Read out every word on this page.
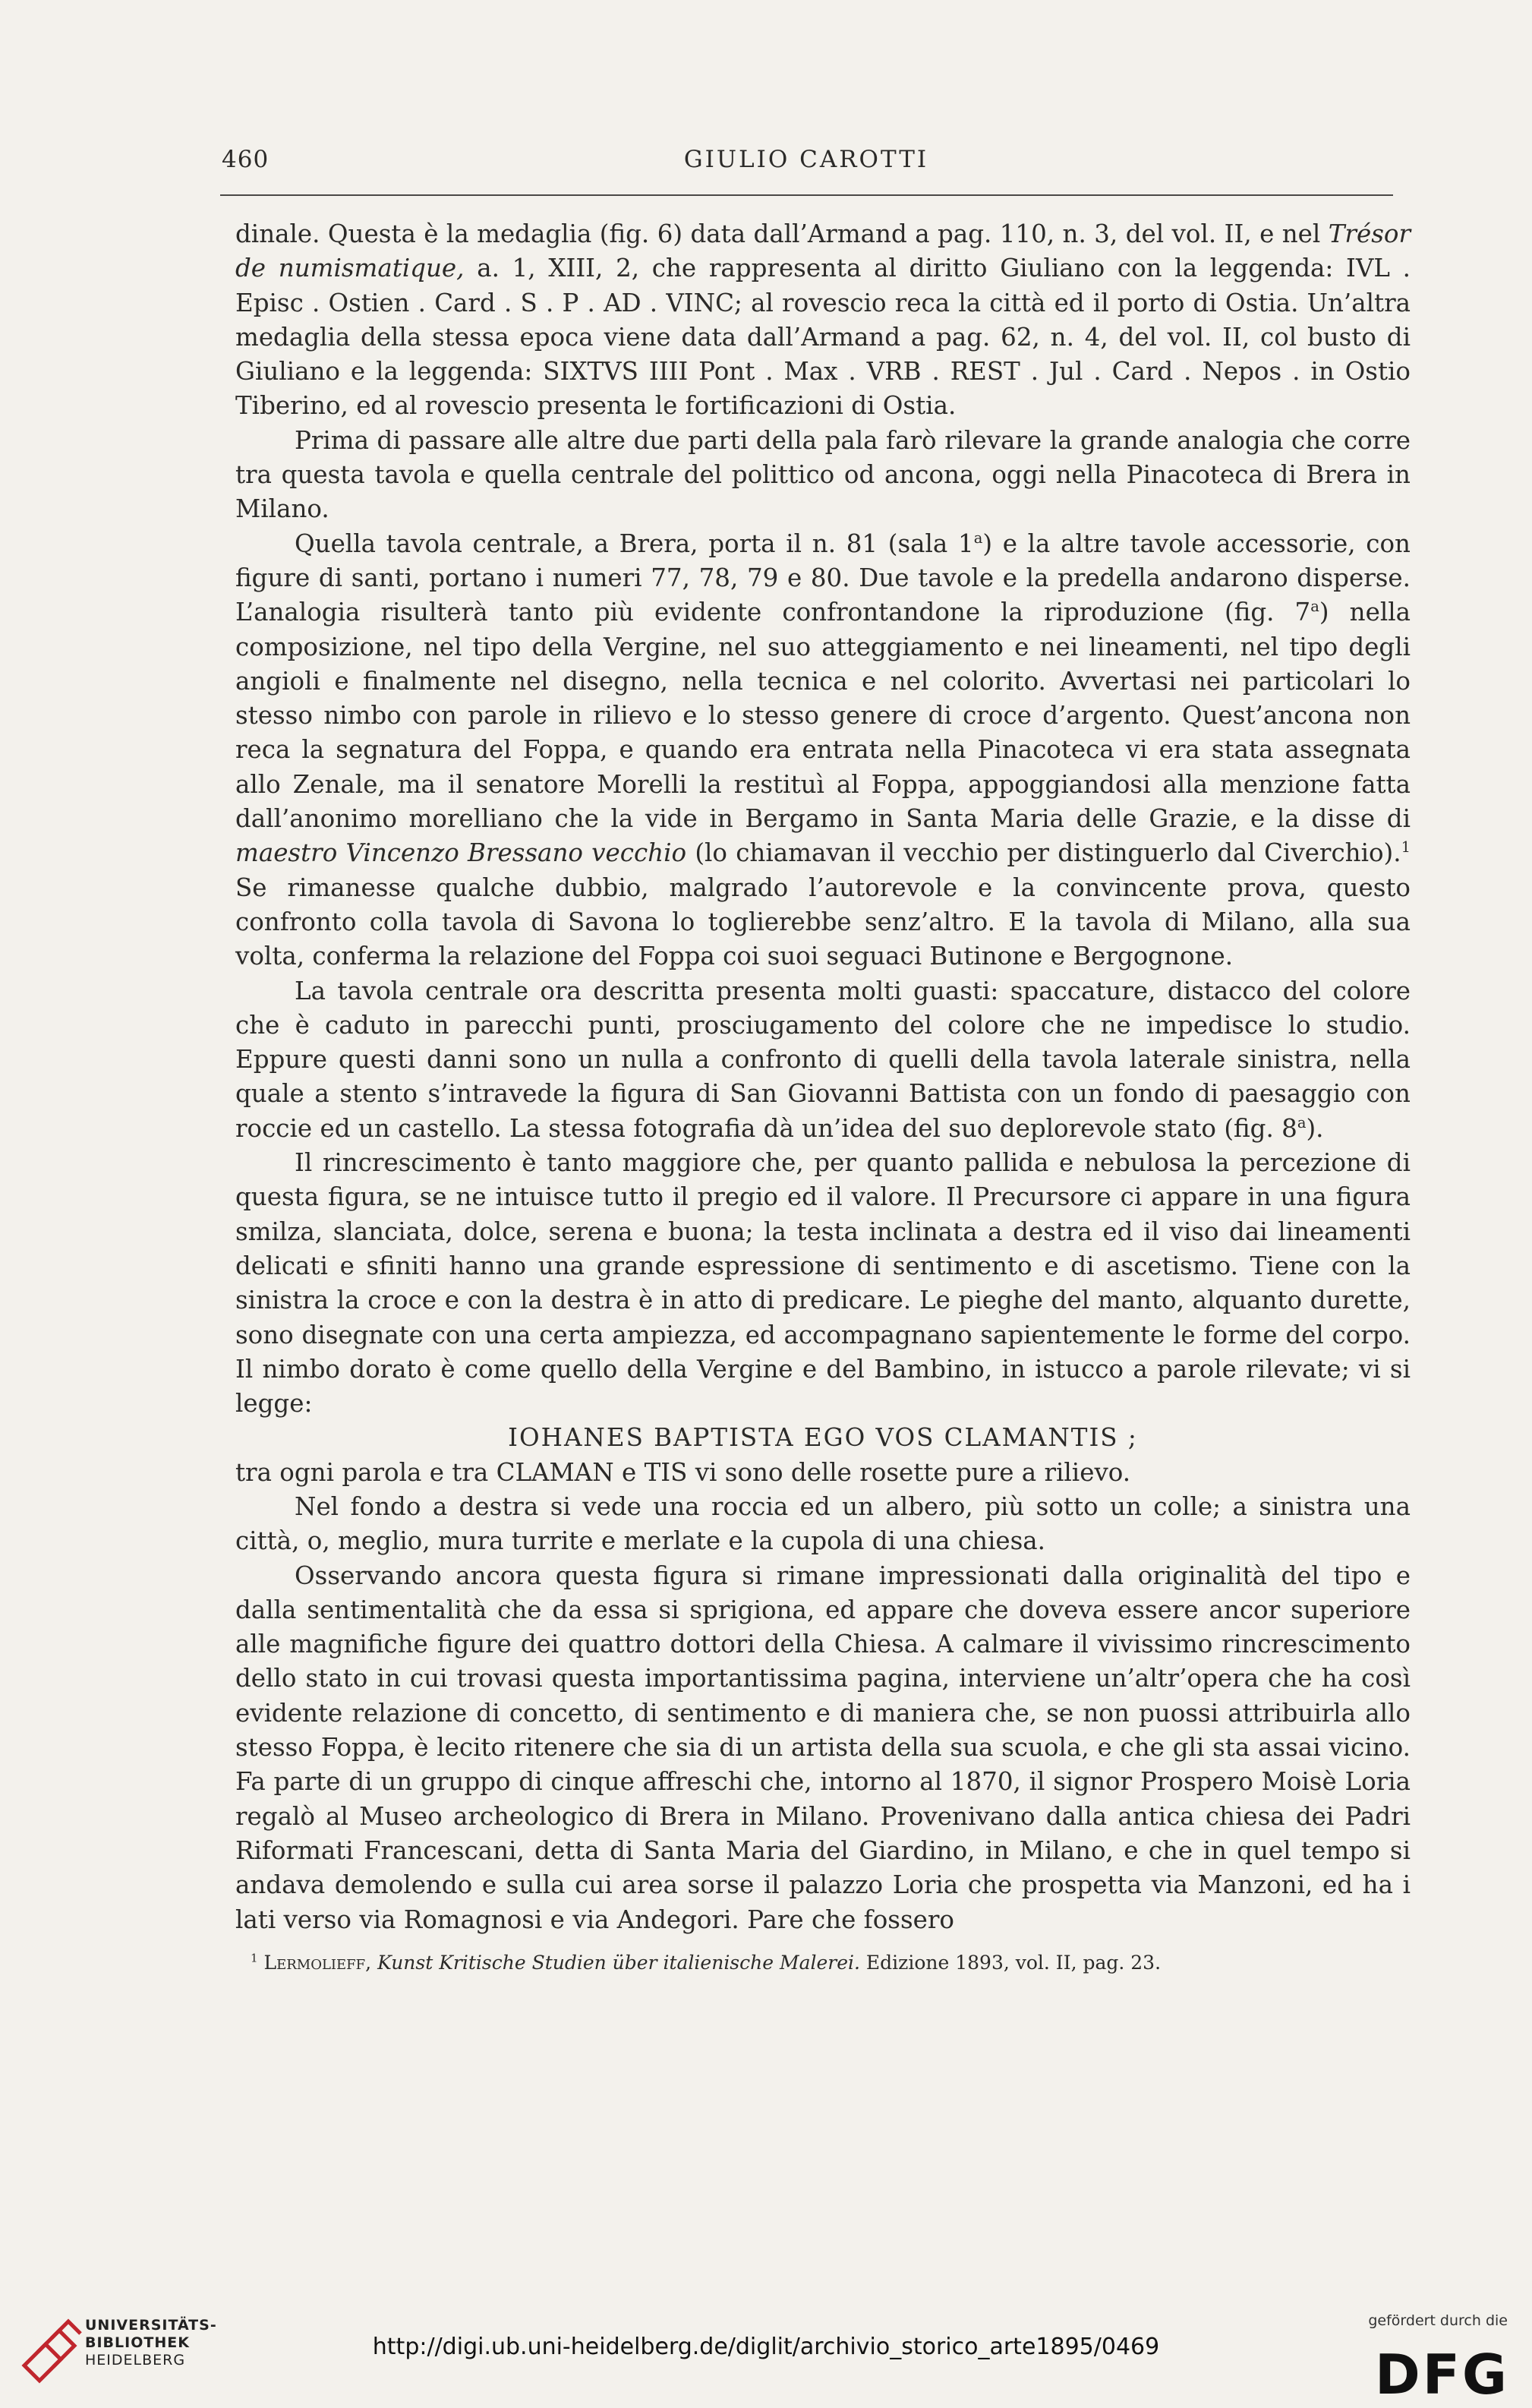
460	GIULIO CAROTTI

dinale. Questa è la medaglia (fig. 6) data dall’Armand a pag. 110, n. 3, del vol. II, e nel Trésor de numismatique, a. 1, XIII, 2, che rappresenta al diritto Giuliano con la leggenda: IVL . Episc . Ostien . Card . S . P . AD . VINC; al rovescio reca la città ed il porto di Ostia. Un’altra medaglia della stessa epoca viene data dall’Armand a pag. 62, n. 4, del vol. II, col busto di Giuliano e la leggenda: SIXTVS IIII Pont . Max . VRB . REST . Jul . Card . Nepos . in Ostio Tiberino, ed al rovescio presenta le fortificazioni di Ostia.

Prima di passare alle altre due parti della pala farò rilevare la grande analogia che corre tra questa tavola e quella centrale del polittico od ancona, oggi nella Pinacoteca di Brera in Milano.

Quella tavola centrale, a Brera, porta il n. 81 (sala 1$^a$) e la altre tavole accessorie, con figure di santi, portano i numeri 77, 78, 79 e 80. Due tavole e la predella andarono disperse. L’analogia risulterà tanto più evidente confrontandone la riproduzione (fig. 7$^a$) nella composizione, nel tipo della Vergine, nel suo atteggiamento e nei lineamenti, nel tipo degli angioli e finalmente nel disegno, nella tecnica e nel colorito. Avvertasi nei particolari lo stesso nimbo con parole in rilievo e lo stesso genere di croce d’argento. Quest’ancona non reca la segnatura del Foppa, e quando era entrata nella Pinacoteca vi era stata assegnata allo Zenale, ma il senatore Morelli la restituì al Foppa, appoggiandosi alla menzione fatta dall’anonimo morelliano che la vide in Bergamo in Santa Maria delle Grazie, e la disse di maestro Vincenzo Bressano vecchio (lo chiamavan il vecchio per distinguerlo dal Civerchio).$^1$ Se rimanesse qualche dubbio, malgrado l’autorevole e la convincente prova, questo confronto colla tavola di Savona lo toglierebbe senz’altro. E la tavola di Milano, alla sua volta, conferma la relazione del Foppa coi suoi seguaci Butinone e Bergognone.

La tavola centrale ora descritta presenta molti guasti: spaccature, distacco del colore che è caduto in parecchi punti, prosciugamento del colore che ne impedisce lo studio. Eppure questi danni sono un nulla a confronto di quelli della tavola laterale sinistra, nella quale a stento s’intravede la figura di San Giovanni Battista con un fondo di paesaggio con roccie ed un castello. La stessa fotografia dà un’idea del suo deplorevole stato (fig. 8$^a$).

Il rincrescimento è tanto maggiore che, per quanto pallida e nebulosa la percezione di questa figura, se ne intuisce tutto il pregio ed il valore. Il Precursore ci appare in una figura smilza, slanciata, dolce, serena e buona; la testa inclinata a destra ed il viso dai lineamenti delicati e sfiniti hanno una grande espressione di sentimento e di ascetismo. Tiene con la sinistra la croce e con la destra è in atto di predicare. Le pieghe del manto, alquanto durette, sono disegnate con una certa ampiezza, ed accompagnano sapientemente le forme del corpo. Il nimbo dorato è come quello della Vergine e del Bambino, in istucco a parole rilevate; vi si legge:

IOHANES BAPTISTA EGO VOS CLAMANTIS ;

tra ogni parola e tra CLAMAN e TIS vi sono delle rosette pure a rilievo.

Nel fondo a destra si vede una roccia ed un albero, più sotto un colle; a sinistra una città, o, meglio, mura turrite e merlate e la cupola di una chiesa.

Osservando ancora questa figura si rimane impressionati dalla originalità del tipo e dalla sentimentalità che da essa si sprigiona, ed appare che doveva essere ancor superiore alle magnifiche figure dei quattro dottori della Chiesa. A calmare il vivissimo rincrescimento dello stato in cui trovasi questa importantissima pagina, interviene un’altr’opera che ha così evidente relazione di concetto, di sentimento e di maniera che, se non puossi attribuirla allo stesso Foppa, è lecito ritenere che sia di un artista della sua scuola, e che gli sta assai vicino. Fa parte di un gruppo di cinque affreschi che, intorno al 1870, il signor Prospero Moisè Loria regalò al Museo archeologico di Brera in Milano. Provenivano dalla antica chiesa dei Padri Riformati Francescani, detta di Santa Maria del Giardino, in Milano, e che in quel tempo si andava demolendo e sulla cui area sorse il palazzo Loria che prospetta via Manzoni, ed ha i lati verso via Romagnosi e via Andegori. Pare che fossero

$^1$ Lermolieff, Kunst Kritische Studien über italienische Malerei. Edizione 1893, vol. II, pag. 23.
UNIVERSITÄTS-
BIBLIOTHEK
HEIDELBERG	http://digi.ub.uni-heidelberg.de/diglit/archivio_storico_arte1895/0469
gefördert durch die
DFG
